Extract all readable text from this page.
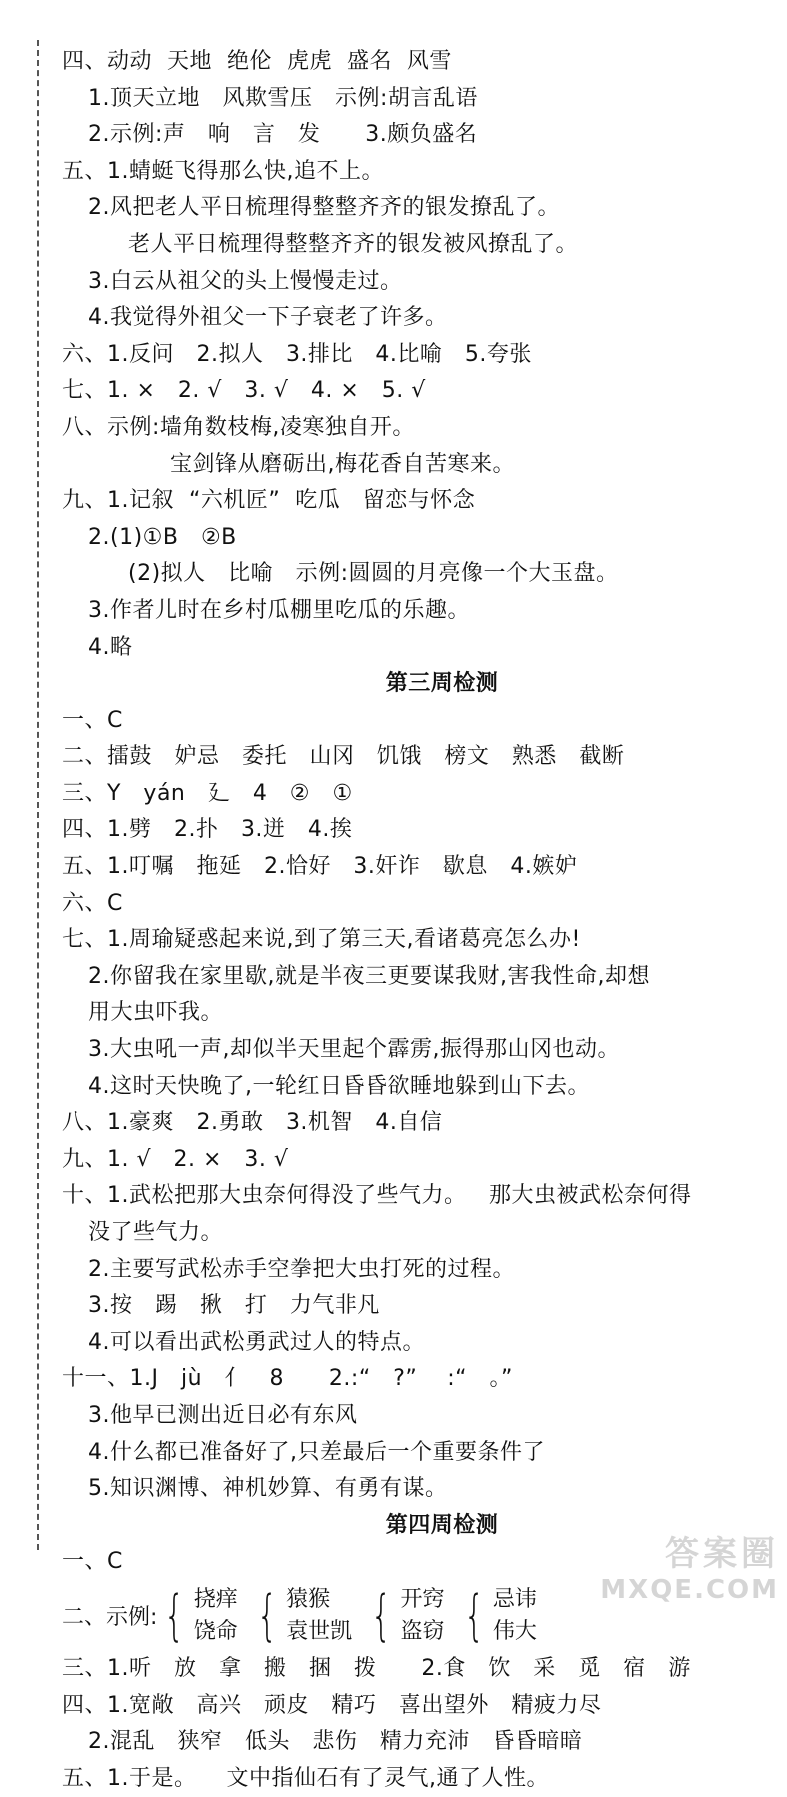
四、动动  天地  绝伦  虎虎  盛名  风雪
1.顶天立地   风欺雪压   示例:胡言乱语
2.示例:声   响   言   发      3.颇负盛名
五、1.蜻蜓飞得那么快,追不上。
2.风把老人平日梳理得整整齐齐的银发撩乱了。
老人平日梳理得整整齐齐的银发被风撩乱了。
3.白云从祖父的头上慢慢走过。
4.我觉得外祖父一下子衰老了许多。
六、1.反问   2.拟人   3.排比   4.比喻   5.夸张
七、1. ×   2. √   3. √   4. ×   5. √
八、示例:墙角数枝梅,凌寒独自开。
宝剑锋从磨砺出,梅花香自苦寒来。
九、1.记叙  “六机匠”  吃瓜   留恋与怀念
2.(1)①B   ②B
(2)拟人   比喻   示例:圆圆的月亮像一个大玉盘。
3.作者儿时在乡村瓜棚里吃瓜的乐趣。
4.略
第三周检测
一、C
二、擂鼓   妒忌   委托   山冈   饥饿   榜文   熟悉   截断
三、Y   yán   廴   4   ②   ①
四、1.劈   2.扑   3.迸   4.挨
五、1.叮嘱   拖延   2.恰好   3.奸诈   歇息   4.嫉妒
六、C
七、1.周瑜疑惑起来说,到了第三天,看诸葛亮怎么办!
2.你留我在家里歇,就是半夜三更要谋我财,害我性命,却想
用大虫吓我。
3.大虫吼一声,却似半天里起个霹雳,振得那山冈也动。
4.这时天快晚了,一轮红日昏昏欲睡地躲到山下去。
八、1.豪爽   2.勇敢   3.机智   4.自信
九、1. √   2. ×   3. √
十、1.武松把那大虫奈何得没了些气力。   那大虫被武松奈何得
没了些气力。
2.主要写武松赤手空拳把大虫打死的过程。
3.按   踢   揪   打   力气非凡
4.可以看出武松勇武过人的特点。
十一、1.J   jù   亻   8      2.:“   ?”    :“   。”
3.他早已测出近日必有东风
4.什么都已准备好了,只差最后一个重要条件了
5.知识渊博、神机妙算、有勇有谋。
第四周检测
一、C
二、示例: { 挠痒
饶命 { 猿猴
袁世凯 { 开窍
盗窃 { 忌讳
伟大
三、1.听   放   拿   搬   捆   拨      2.食   饮   采   觅   宿   游
四、1.宽敞   高兴   顽皮   精巧   喜出望外   精疲力尽
2.混乱   狭窄   低头   悲伤   精力充沛   昏昏暗暗
五、1.于是。    文中指仙石有了灵气,通了人性。
答案圈
MXQE.COM
